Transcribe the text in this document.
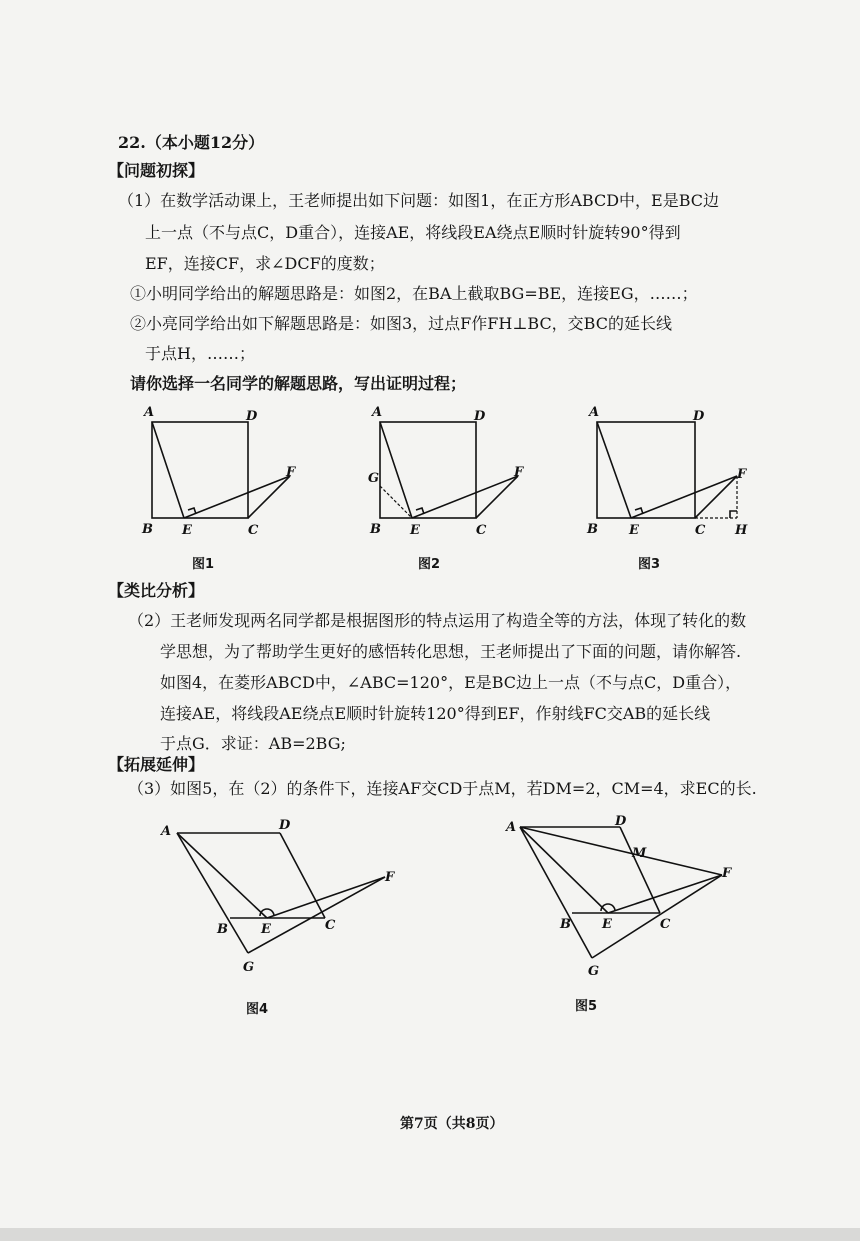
22.（本小题12分）
【问题初探】
（1）在数学活动课上，王老师提出如下问题：如图1，在正方形ABCD中，E是BC边
上一点（不与点C，D重合），连接AE，将线段EA绕点E顺时针旋转90°得到
EF，连接CF，求∠DCF的度数；
①小明同学给出的解题思路是：如图2，在BA上截取BG=BE，连接EG，……；
②小亮同学给出如下解题思路是：如图3，过点F作FH⊥BC，交BC的延长线
于点H，……；
请你选择一名同学的解题思路，写出证明过程；
A	D
B E	C
F
图1
A	D
G
B E	C
F
图2
A	D
B E	C
F
H
图3
【类比分析】
（2）王老师发现两名同学都是根据图形的特点运用了构造全等的方法，体现了转化的数
学思想，为了帮助学生更好的感悟转化思想，王老师提出了下面的问题，请你解答.
如图4，在菱形ABCD中，∠ABC=120°，E是BC边上一点（不与点C，D重合），
连接AE，将线段AE绕点E顺时针旋转120°得到EF，作射线FC交AB的延长线
于点G．求证：AB=2BG;
【拓展延伸】
（3）如图5，在（2）的条件下，连接AF交CD于点M，若DM=2，CM=4，求EC的长.
A	D
B	E	C
F
G
图4
A	D
M
B E	C
F
G
图5
第7页（共8页）
